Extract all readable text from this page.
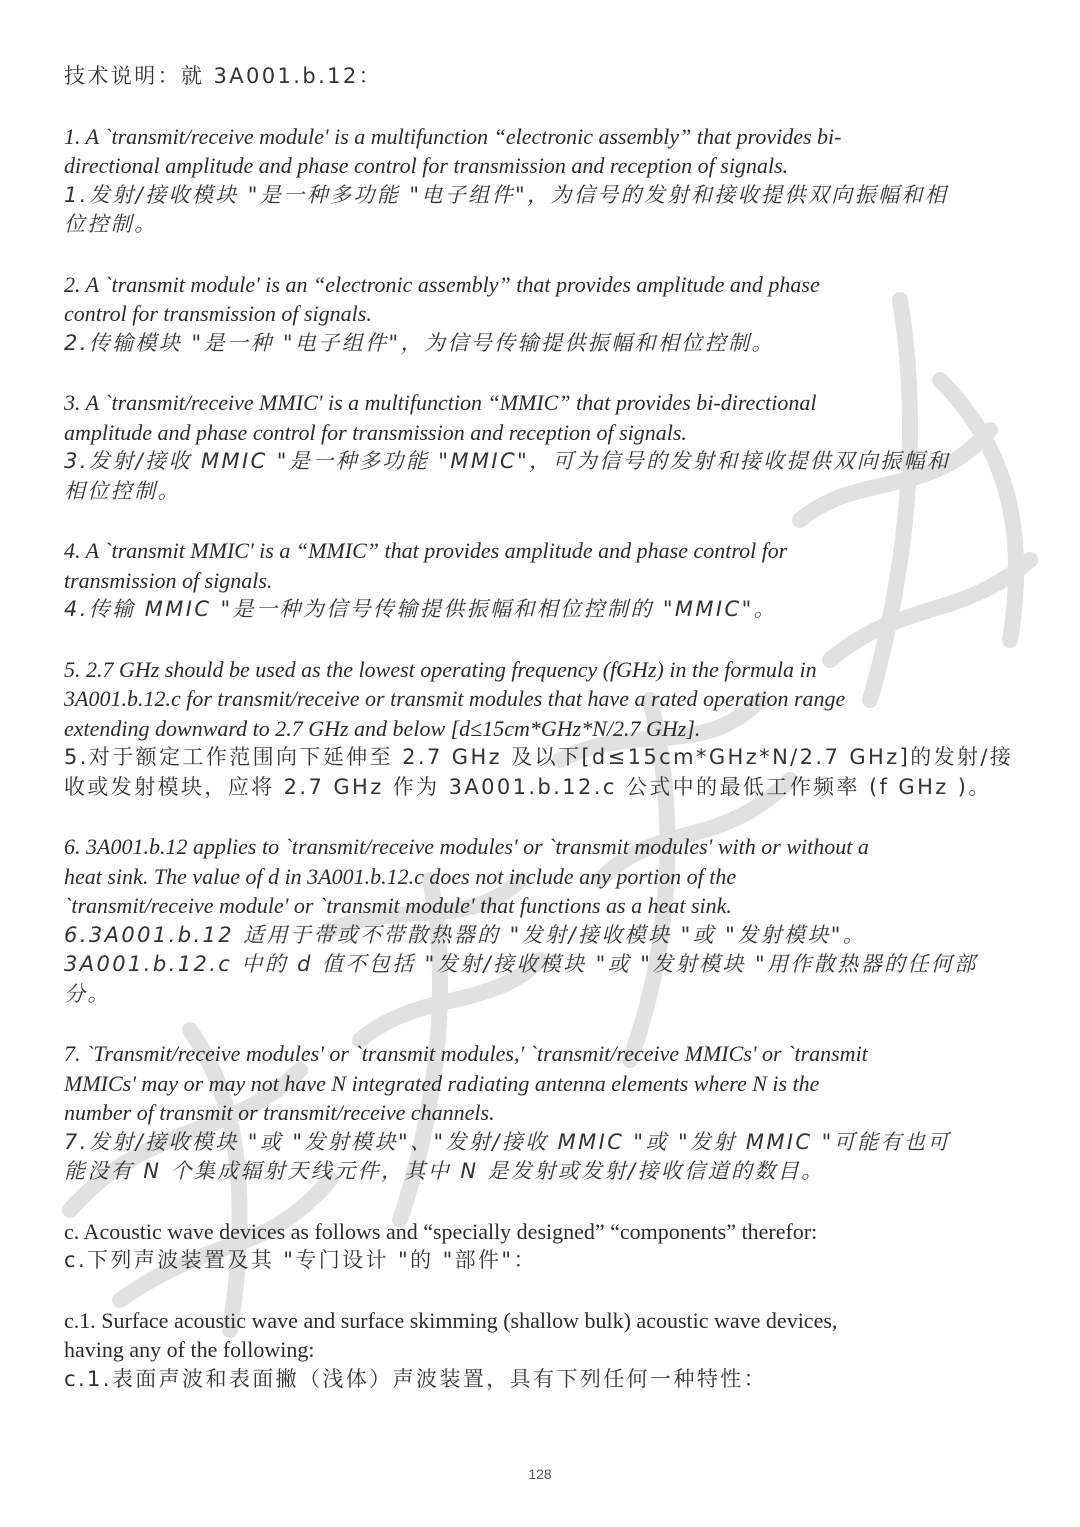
技术说明：就 3A001.b.12：
1. A `transmit/receive module' is a multifunction “electronic assembly” that provides bi-
directional amplitude and phase control for transmission and reception of signals.
1.发射/接收模块 "是一种多功能 "电子组件"，为信号的发射和接收提供双向振幅和相
位控制。
2. A `transmit module' is an “electronic assembly” that provides amplitude and phase
control for transmission of signals.
2.传输模块 "是一种 "电子组件"，为信号传输提供振幅和相位控制。
3. A `transmit/receive MMIC' is a multifunction “MMIC” that provides bi-directional
amplitude and phase control for transmission and reception of signals.
3.发射/接收 MMIC "是一种多功能 "MMIC"，可为信号的发射和接收提供双向振幅和
相位控制。
4. A `transmit MMIC' is a “MMIC” that provides amplitude and phase control for
transmission of signals.
4.传输 MMIC "是一种为信号传输提供振幅和相位控制的 "MMIC"。
5. 2.7 GHz should be used as the lowest operating frequency (fGHz) in the formula in
3A001.b.12.c for transmit/receive or transmit modules that have a rated operation range
extending downward to 2.7 GHz and below [d≤15cm*GHz*N/2.7 GHz].
5.对于额定工作范围向下延伸至 2.7 GHz 及以下[d≤15cm*GHz*N/2.7 GHz]的发射/接
收或发射模块，应将 2.7 GHz 作为 3A001.b.12.c 公式中的最低工作频率 (f GHz )。
6. 3A001.b.12 applies to `transmit/receive modules' or `transmit modules' with or without a
heat sink. The value of d in 3A001.b.12.c does not include any portion of the
`transmit/receive module' or `transmit module' that functions as a heat sink.
6.3A001.b.12 适用于带或不带散热器的 "发射/接收模块 "或 "发射模块"。
3A001.b.12.c 中的 d 值不包括 "发射/接收模块 "或 "发射模块 "用作散热器的任何部
分。
7. `Transmit/receive modules' or `transmit modules,' `transmit/receive MMICs' or `transmit
MMICs' may or may not have N integrated radiating antenna elements where N is the
number of transmit or transmit/receive channels.
7.发射/接收模块 "或 "发射模块"、"发射/接收 MMIC "或 "发射 MMIC "可能有也可
能没有 N 个集成辐射天线元件，其中 N 是发射或发射/接收信道的数目。
c. Acoustic wave devices as follows and “specially designed” “components” therefor:
c.下列声波装置及其 "专门设计 "的 "部件"：
c.1. Surface acoustic wave and surface skimming (shallow bulk) acoustic wave devices,
having any of the following:
c.1.表面声波和表面撇（浅体）声波装置，具有下列任何一种特性：
128
